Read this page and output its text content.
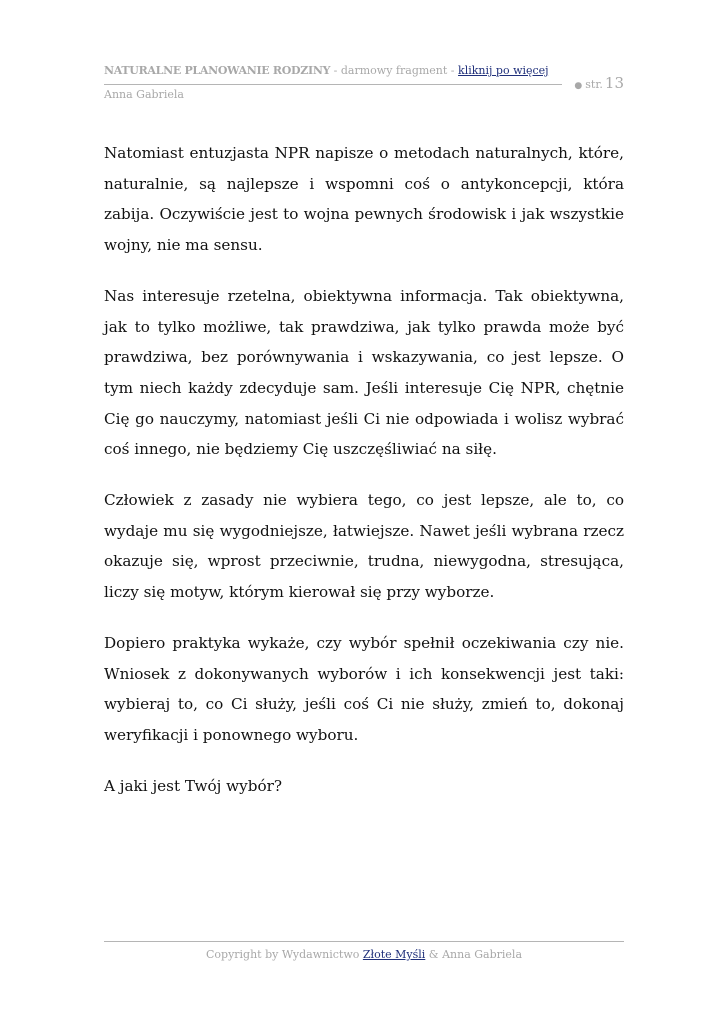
NATURALNE PLANOWANIE RODZINY - darmowy fragment - kliknij po więcej
Anna Gabriela
● str. 13

Natomiast entuzjasta NPR napisze o metodach naturalnych, które, naturalnie, są najlepsze i wspomni coś o antykoncepcji, która zabija. Oczywiście jest to wojna pewnych środowisk i jak wszystkie wojny, nie ma sensu.

Nas interesuje rzetelna, obiektywna informacja. Tak obiektywna, jak to tylko możliwe, tak prawdziwa, jak tylko prawda może być prawdziwa, bez porównywania i wskazywania, co jest lepsze. O tym niech każdy zdecyduje sam. Jeśli interesuje Cię NPR, chętnie Cię go nauczymy, natomiast jeśli Ci nie odpowiada i wolisz wybrać coś innego, nie będziemy Cię uszczęśliwiać na siłę.

Człowiek z zasady nie wybiera tego, co jest lepsze, ale to, co wydaje mu się wygodniejsze, łatwiejsze. Nawet jeśli wybrana rzecz okazuje się, wprost przeciwnie, trudna, niewygodna, stresująca, liczy się motyw, którym kierował się przy wyborze.

Dopiero praktyka wykaże, czy wybór spełnił oczekiwania czy nie. Wniosek z dokonywanych wyborów i ich konsekwencji jest taki: wybieraj to, co Ci służy, jeśli coś Ci nie służy, zmień to, dokonaj weryfikacji i ponownego wyboru.

A jaki jest Twój wybór?

Copyright by Wydawnictwo Złote Myśli & Anna Gabriela
